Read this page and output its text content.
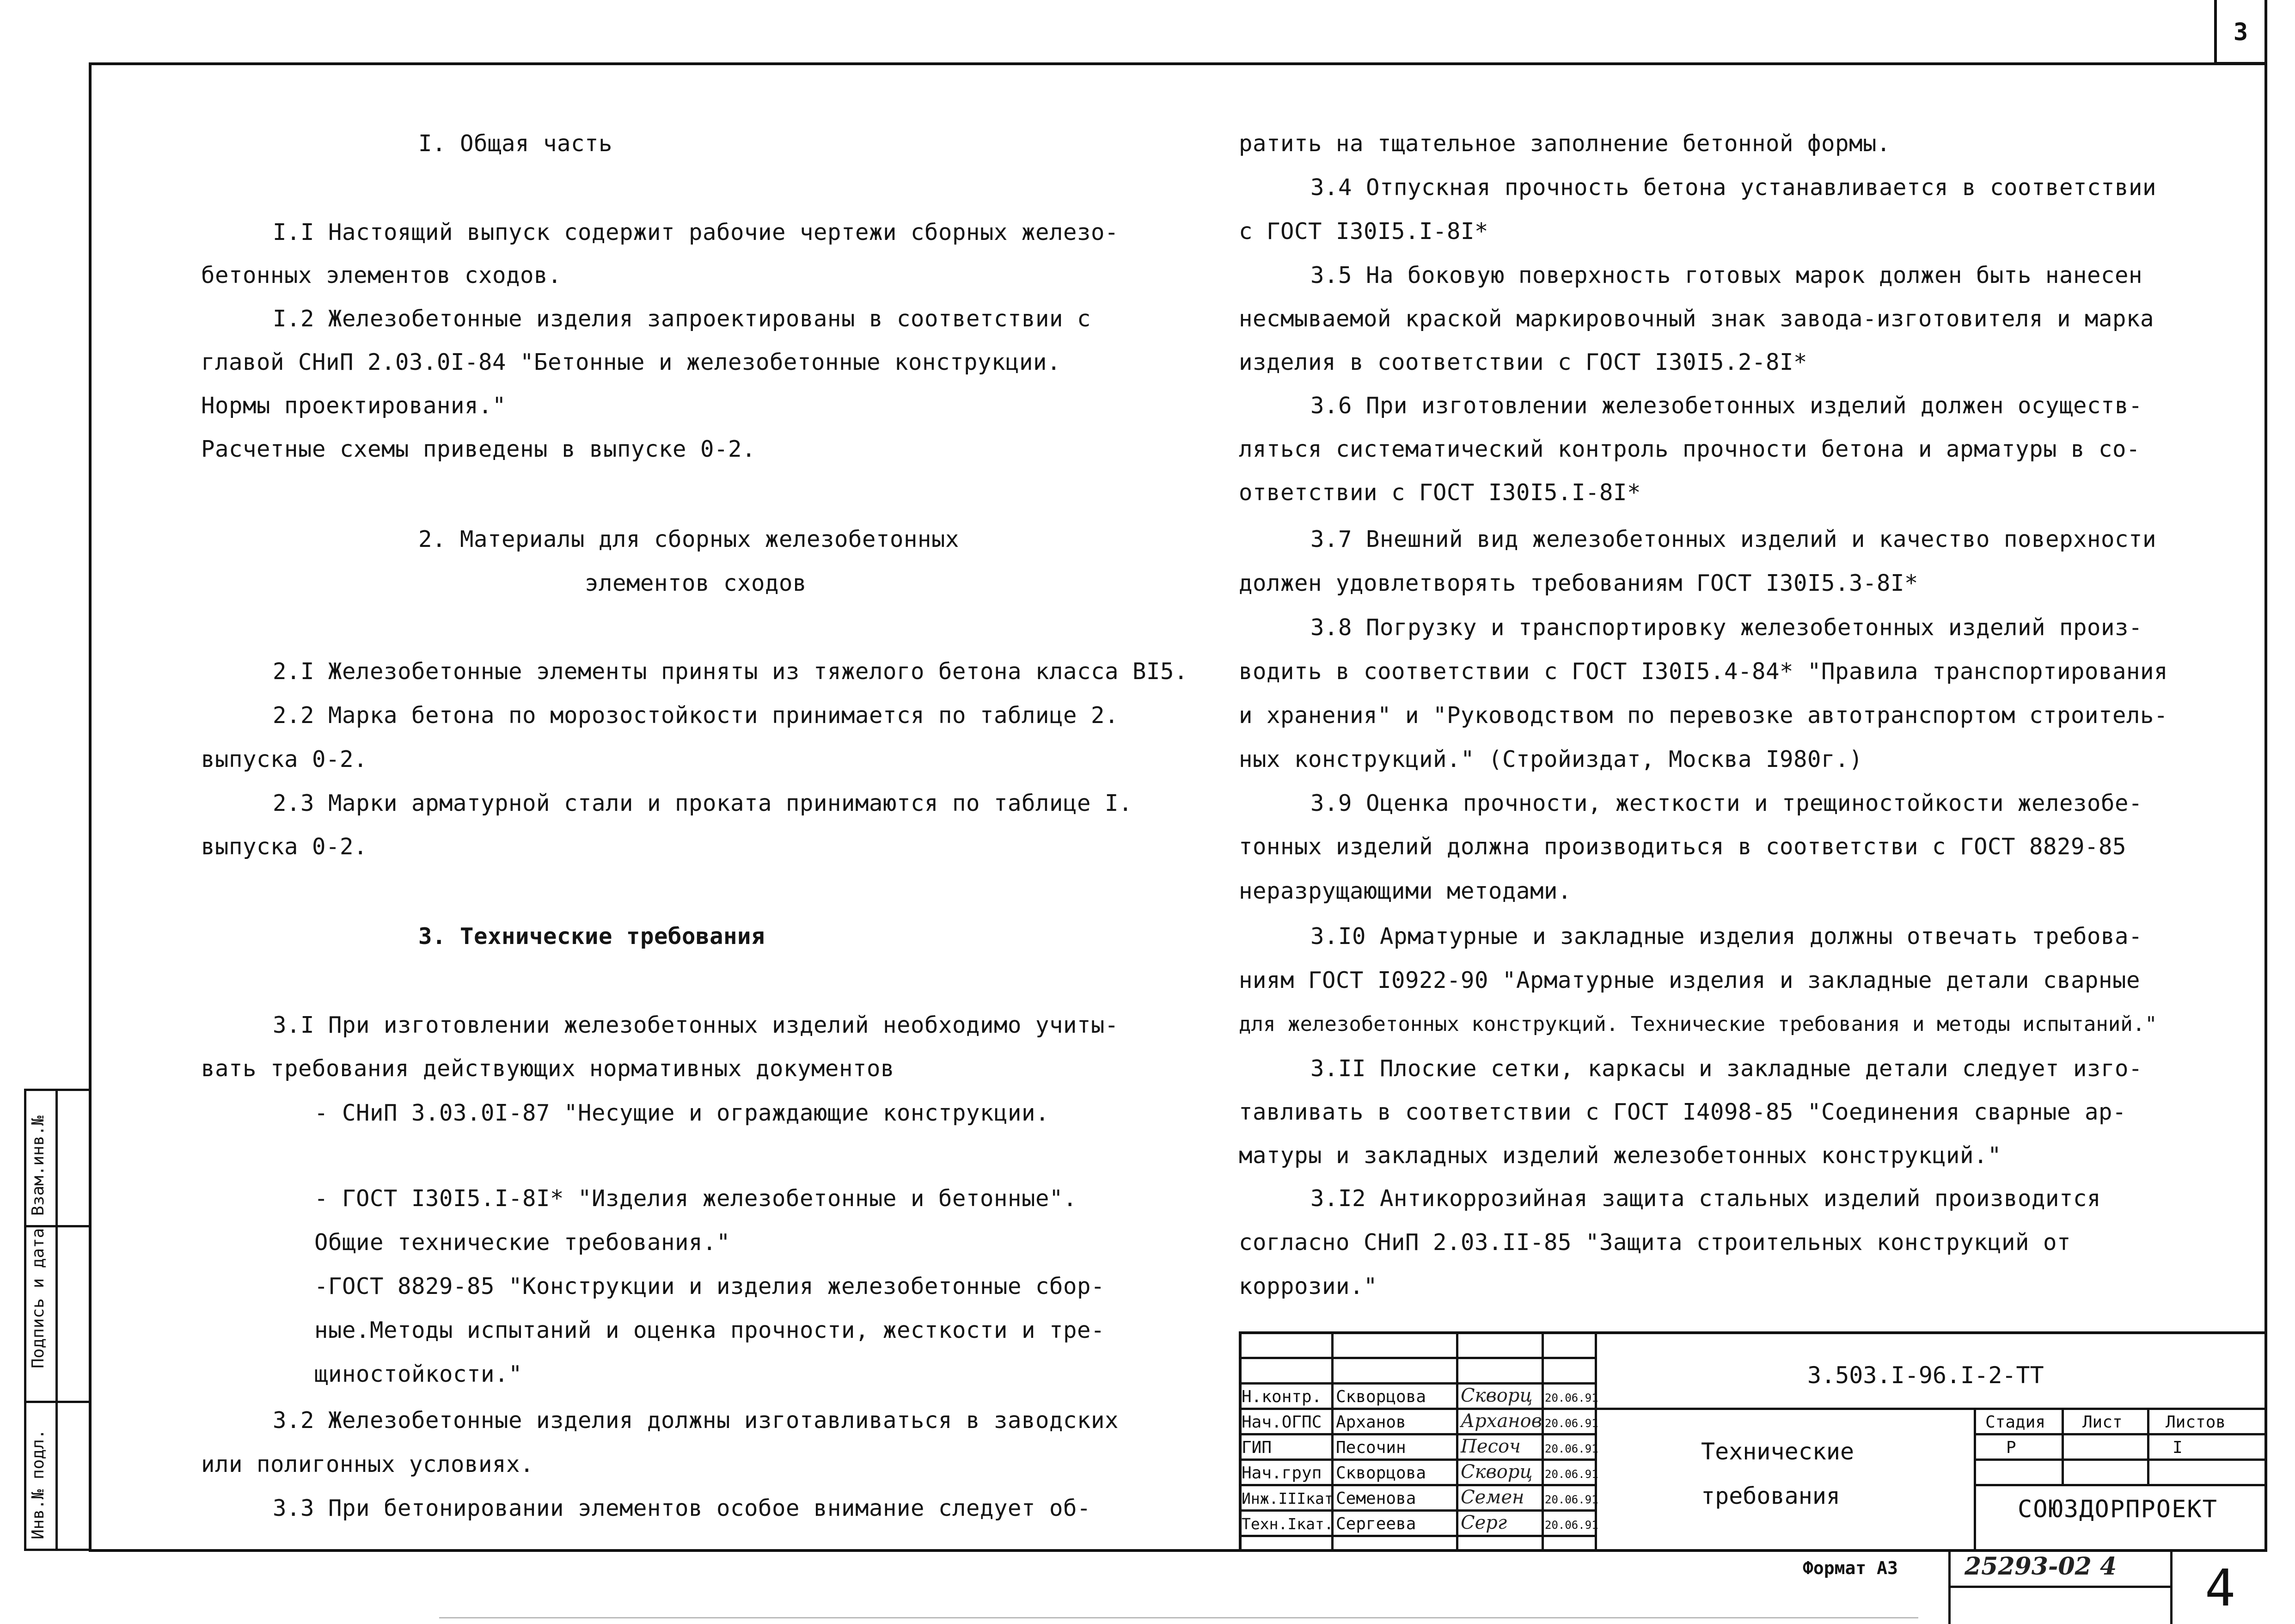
3
Взам.инв.№
Подпись и дата
Инв.№ подл.
I. Общая часть
I.I Настоящий выпуск содержит рабочие чертежи сборных железо-
бетонных элементов сходов.
I.2 Железобетонные изделия запроектированы в соответствии с
главой СНиП 2.03.0I-84 "Бетонные и железобетонные конструкции.
Нормы проектирования."
Расчетные схемы приведены в выпуске 0-2.
2. Материалы для сборных железобетонных
элементов сходов
2.I Железобетонные элементы приняты из тяжелого бетона класса BI5.
2.2 Марка бетона по морозостойкости принимается по таблице 2.
выпуска 0-2.
2.3 Марки арматурной стали и проката принимаются по таблице I.
выпуска 0-2.
3. Технические требования
3.I При изготовлении железобетонных изделий необходимо учиты-
вать требования действующих нормативных документов
- СНиП 3.03.0I-87 "Несущие и ограждающие конструкции.
- ГОСТ I30I5.I-8I* "Изделия железобетонные и бетонные".
Общие технические требования."
-ГОСТ 8829-85 "Конструкции и изделия железобетонные сбор-
ные.Методы испытаний и оценка прочности, жесткости и тре-
щиностойкости."
3.2 Железобетонные изделия должны изготавливаться в заводских
или полигонных условиях.
3.3 При бетонировании элементов особое внимание следует об-
ратить на тщательное заполнение бетонной формы.
3.4 Отпускная прочность бетона устанавливается в соответствии
с ГОСТ I30I5.I-8I*
3.5 На боковую поверхность готовых марок должен быть нанесен
несмываемой краской маркировочный знак завода-изготовителя и марка
изделия в соответствии с ГОСТ I30I5.2-8I*
3.6 При изготовлении железобетонных изделий должен осуществ-
ляться систематический контроль прочности бетона и арматуры в со-
ответствии с ГОСТ I30I5.I-8I*
3.7 Внешний вид железобетонных изделий и качество поверхности
должен удовлетворять требованиям ГОСТ I30I5.3-8I*
3.8 Погрузку и транспортировку железобетонных изделий произ-
водить в соответствии с ГОСТ I30I5.4-84* "Правила транспортирования
и хранения" и "Руководством по перевозке автотранспортом строитель-
ных конструкций." (Стройиздат, Москва I980г.)
3.9 Оценка прочности, жесткости и трещиностойкости железобе-
тонных изделий должна производиться в соответстви с ГОСТ 8829-85
неразрущающими методами.
3.I0 Арматурные и закладные изделия должны отвечать требова-
ниям ГОСТ I0922-90 "Арматурные изделия и закладные детали сварные
для железобетонных конструкций. Технические требования и методы испытаний."
3.II Плоские сетки, каркасы и закладные детали следует изго-
тавливать в соответствии с ГОСТ I4098-85 "Соединения сварные ар-
матуры и закладных изделий железобетонных конструкций."
3.I2 Антикоррозийная защита стальных изделий производится
согласно СНиП 2.03.II-85 "Защита строительных конструкций от
коррозии."
Н.контр. Скворцова Скворц 20.06.91
Нач.ОГПС Арханов	Арханов 20.06.91
ГИП	Песочин	Песоч 20.06.91
Нач.груп Скворцова Скворц 20.06.91
Инж.IIIкат Семенова Семен 20.06.91
Техн.Iкат. Сергеева Серг	20.06.91
3.503.I-96.I-2-TT
Технические
требования
Стадия Лист	Листов
Р	I
СОЮЗДОРПРОЕКТ
Формат А3	25293-02 4 4
